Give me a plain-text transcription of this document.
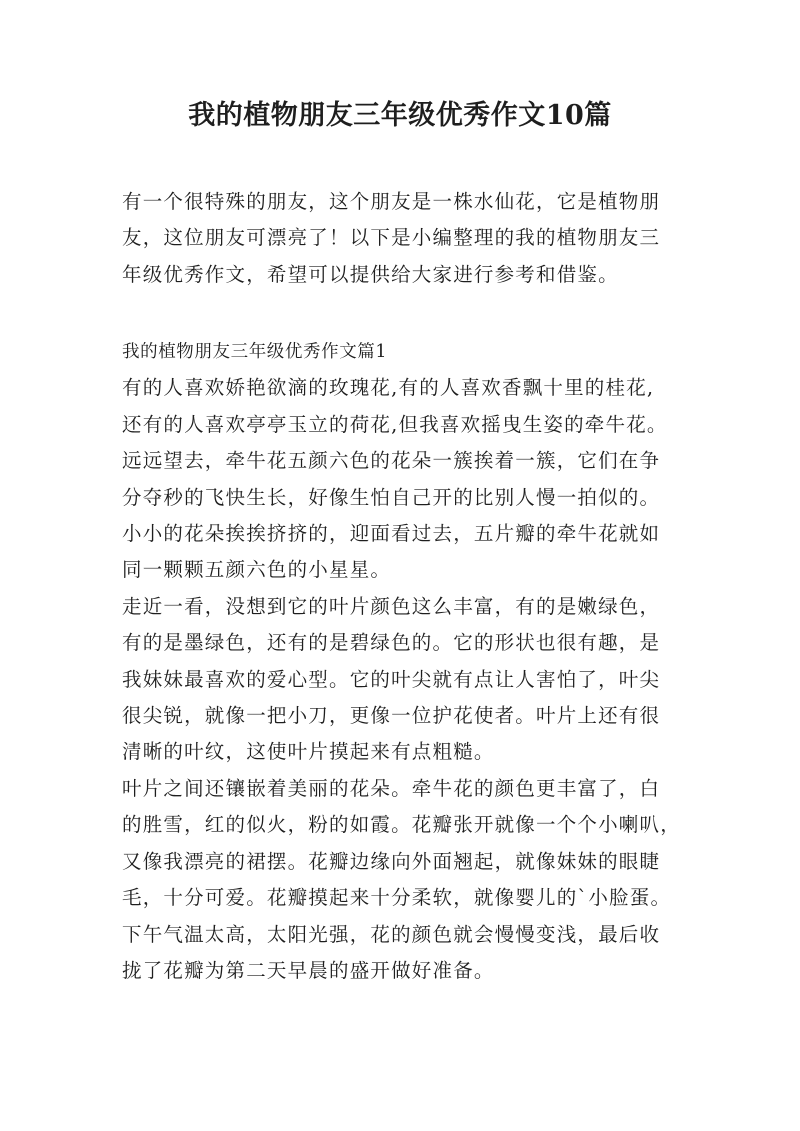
我的植物朋友三年级优秀作文10篇
有一个很特殊的朋友，这个朋友是一株水仙花，它是植物朋
友，这位朋友可漂亮了！以下是小编整理的我的植物朋友三
年级优秀作文，希望可以提供给大家进行参考和借鉴。
我的植物朋友三年级优秀作文篇1
有的人喜欢娇艳欲滴的玫瑰花,有的人喜欢香飘十里的桂花,
还有的人喜欢亭亭玉立的荷花,但我喜欢摇曳生姿的牵牛花。
远远望去，牵牛花五颜六色的花朵一簇挨着一簇，它们在争
分夺秒的飞快生长，好像生怕自己开的比别人慢一拍似的。
小小的花朵挨挨挤挤的，迎面看过去，五片瓣的牵牛花就如
同一颗颗五颜六色的小星星。
走近一看，没想到它的叶片颜色这么丰富，有的是嫩绿色，
有的是墨绿色，还有的是碧绿色的。它的形状也很有趣，是
我妹妹最喜欢的爱心型。它的叶尖就有点让人害怕了，叶尖
很尖锐，就像一把小刀，更像一位护花使者。叶片上还有很
清晰的叶纹，这使叶片摸起来有点粗糙。
叶片之间还镶嵌着美丽的花朵。牵牛花的颜色更丰富了，白
的胜雪，红的似火，粉的如霞。花瓣张开就像一个个小喇叭，
又像我漂亮的裙摆。花瓣边缘向外面翘起，就像妹妹的眼睫
毛，十分可爱。花瓣摸起来十分柔软，就像婴儿的`小脸蛋。
下午气温太高，太阳光强，花的颜色就会慢慢变浅，最后收
拢了花瓣为第二天早晨的盛开做好准备。
